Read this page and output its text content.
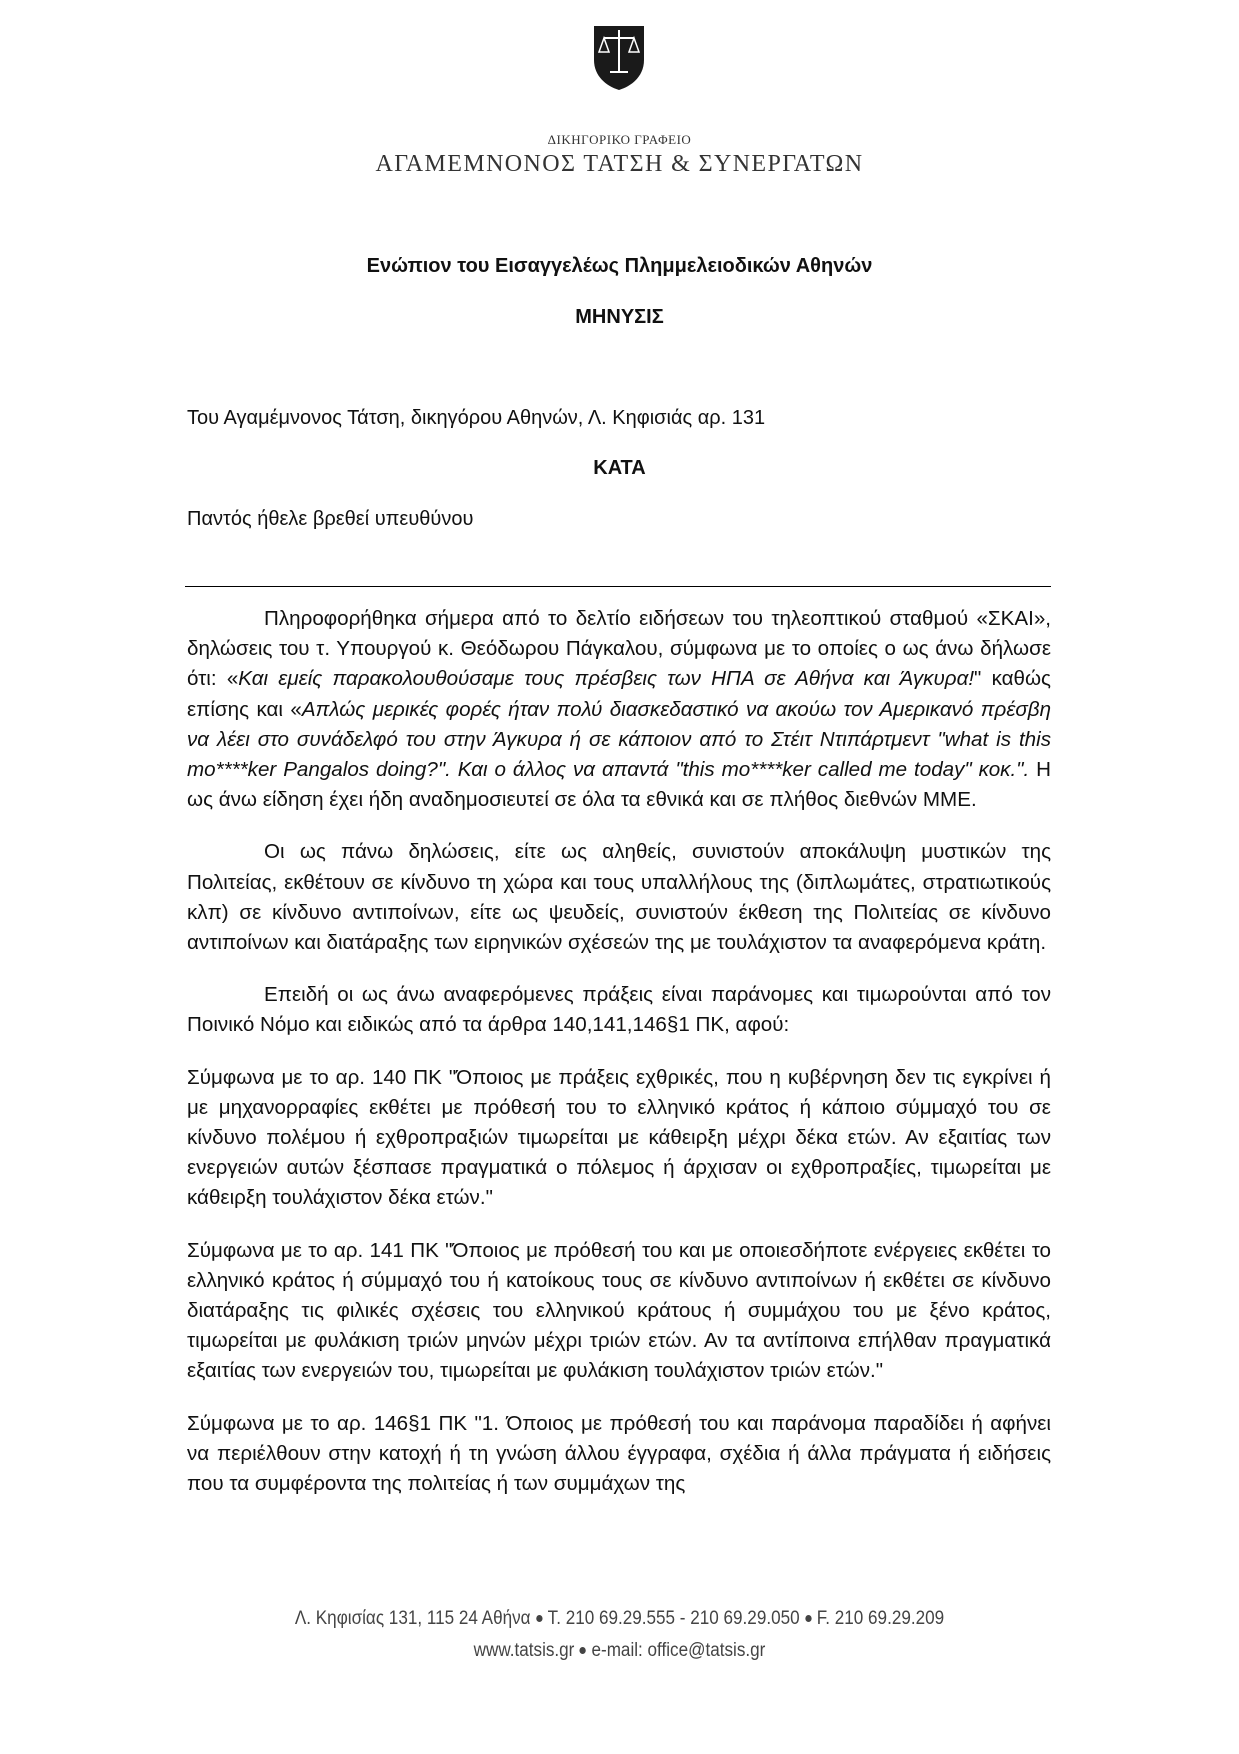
ΔΙΚΗΓΟΡΙΚΟ ΓΡΑΦΕΙΟ
ΑΓΑΜΕΜΝΟΝΟΣ ΤΑΤΣΗ & ΣΥΝΕΡΓΑΤΩΝ
Ενώπιον του Εισαγγελέως Πλημμελειοδικών Αθηνών
ΜΗΝΥΣΙΣ
Του Αγαμέμνονος Τάτση, δικηγόρου Αθηνών, Λ. Κηφισιάς αρ. 131
ΚΑΤΑ
Παντός ήθελε βρεθεί υπευθύνου

Πληροφορήθηκα σήμερα από το δελτίο ειδήσεων του τηλεοπτικού σταθμού «ΣΚΑΙ», δηλώσεις του τ. Υπουργού κ. Θεόδωρου Πάγκαλου, σύμφωνα με το οποίες ο ως άνω δήλωσε ότι: «Και εμείς παρακολουθούσαμε τους πρέσβεις των ΗΠΑ σε Αθήνα και Άγκυρα!" καθώς επίσης και «Απλώς μερικές φορές ήταν πολύ διασκεδαστικό να ακούω τον Αμερικανό πρέσβη να λέει στο συνάδελφό του στην Άγκυρα ή σε κάποιον από το Στέιτ Ντιπάρτμεντ "what is this mo****ker Pangalos doing?". Και ο άλλος να απαντά "this mo****ker called me today" κοκ.". Η ως άνω είδηση έχει ήδη αναδημοσιευτεί σε όλα τα εθνικά και σε πλήθος διεθνών ΜΜΕ.

Οι ως πάνω δηλώσεις, είτε ως αληθείς, συνιστούν αποκάλυψη μυστικών της Πολιτείας, εκθέτουν σε κίνδυνο τη χώρα και τους υπαλλήλους της (διπλωμάτες, στρατιωτικούς κλπ) σε κίνδυνο αντιποίνων, είτε ως ψευδείς, συνιστούν έκθεση της Πολιτείας σε κίνδυνο αντιποίνων και διατάραξης των ειρηνικών σχέσεών της με τουλάχιστον τα αναφερόμενα κράτη.

Επειδή οι ως άνω αναφερόμενες πράξεις είναι παράνομες και τιμωρούνται από τον Ποινικό Νόμο και ειδικώς από τα άρθρα 140,141,146§1 ΠΚ, αφού:

Σύμφωνα με το αρ. 140 ΠΚ "Όποιος με πράξεις εχθρικές, που η κυβέρνηση δεν τις εγκρίνει ή με μηχανορραφίες εκθέτει με πρόθεσή του το ελληνικό κράτος ή κάποιο σύμμαχό του σε κίνδυνο πολέμου ή εχθροπραξιών τιμωρείται με κάθειρξη μέχρι δέκα ετών. Αν εξαιτίας των ενεργειών αυτών ξέσπασε πραγματικά ο πόλεμος ή άρχισαν οι εχθροπραξίες, τιμωρείται με κάθειρξη τουλάχιστον δέκα ετών."

Σύμφωνα με το αρ. 141 ΠΚ "Όποιος με πρόθεσή του και με οποιεσδήποτε ενέργειες εκθέτει το ελληνικό κράτος ή σύμμαχό του ή κατοίκους τους σε κίνδυνο αντιποίνων ή εκθέτει σε κίνδυνο διατάραξης τις φιλικές σχέσεις του ελληνικού κράτους ή συμμάχου του με ξένο κράτος, τιμωρείται με φυλάκιση τριών μηνών μέχρι τριών ετών. Αν τα αντίποινα επήλθαν πραγματικά εξαιτίας των ενεργειών του, τιμωρείται με φυλάκιση τουλάχιστον τριών ετών."

Σύμφωνα με το αρ. 146§1 ΠΚ "1. Όποιος με πρόθεσή του και παράνομα παραδίδει ή αφήνει να περιέλθουν στην κατοχή ή τη γνώση άλλου έγγραφα, σχέδια ή άλλα πράγματα ή ειδήσεις που τα συμφέροντα της πολιτείας ή των συμμάχων της

Λ. Κηφισίας 131, 115 24 Αθήνα T. 210 69.29.555 - 210 69.29.050 F. 210 69.29.209
www.tatsis.gr e-mail: office@tatsis.gr
